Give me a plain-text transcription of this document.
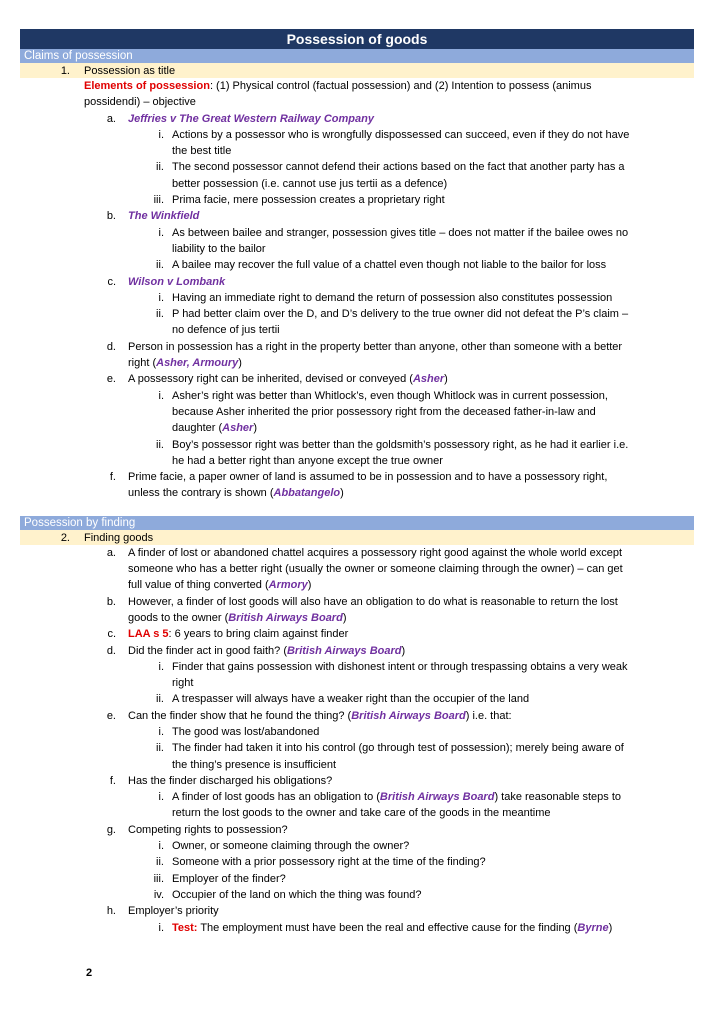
Possession of goods
Claims of possession
1. Possession as title
Elements of possession: (1) Physical control (factual possession) and (2) Intention to possess (animus
possidendi) – objective
a. Jeffries v The Great Western Railway Company
i. Actions by a possessor who is wrongfully dispossessed can succeed, even if they do not have
the best title
ii. The second possessor cannot defend their actions based on the fact that another party has a
better possession (i.e. cannot use jus tertii as a defence)
iii. Prima facie, mere possession creates a proprietary right
b. The Winkfield
i. As between bailee and stranger, possession gives title – does not matter if the bailee owes no
liability to the bailor
ii. A bailee may recover the full value of a chattel even though not liable to the bailor for loss
c. Wilson v Lombank
i. Having an immediate right to demand the return of possession also constitutes possession
ii. P had better claim over the D, and D’s delivery to the true owner did not defeat the P’s claim –
no defence of jus tertii
d. Person in possession has a right in the property better than anyone, other than someone with a better
right (Asher, Armoury)
e. A possessory right can be inherited, devised or conveyed (Asher)
i. Asher’s right was better than Whitlock’s, even though Whitlock was in current possession,
because Asher inherited the prior possessory right from the deceased father-in-law and
daughter (Asher)
ii. Boy’s possessor right was better than the goldsmith’s possessory right, as he had it earlier i.e.
he had a better right than anyone except the true owner
f. Prime facie, a paper owner of land is assumed to be in possession and to have a possessory right,
unless the contrary is shown (Abbatangelo)
Possession by finding
2. Finding goods
a. A finder of lost or abandoned chattel acquires a possessory right good against the whole world except
someone who has a better right (usually the owner or someone claiming through the owner) – can get
full value of thing converted (Armory)
b. However, a finder of lost goods will also have an obligation to do what is reasonable to return the lost
goods to the owner (British Airways Board)
c. LAA s 5: 6 years to bring claim against finder
d. Did the finder act in good faith? (British Airways Board)
i. Finder that gains possession with dishonest intent or through trespassing obtains a very weak
right
ii. A trespasser will always have a weaker right than the occupier of the land
e. Can the finder show that he found the thing? (British Airways Board) i.e. that:
i. The good was lost/abandoned
ii. The finder had taken it into his control (go through test of possession); merely being aware of
the thing’s presence is insufficient
f. Has the finder discharged his obligations?
i. A finder of lost goods has an obligation to (British Airways Board) take reasonable steps to
return the lost goods to the owner and take care of the goods in the meantime
g. Competing rights to possession?
i. Owner, or someone claiming through the owner?
ii. Someone with a prior possessory right at the time of the finding?
iii. Employer of the finder?
iv. Occupier of the land on which the thing was found?
h. Employer’s priority
i. Test: The employment must have been the real and effective cause for the finding (Byrne)
2
